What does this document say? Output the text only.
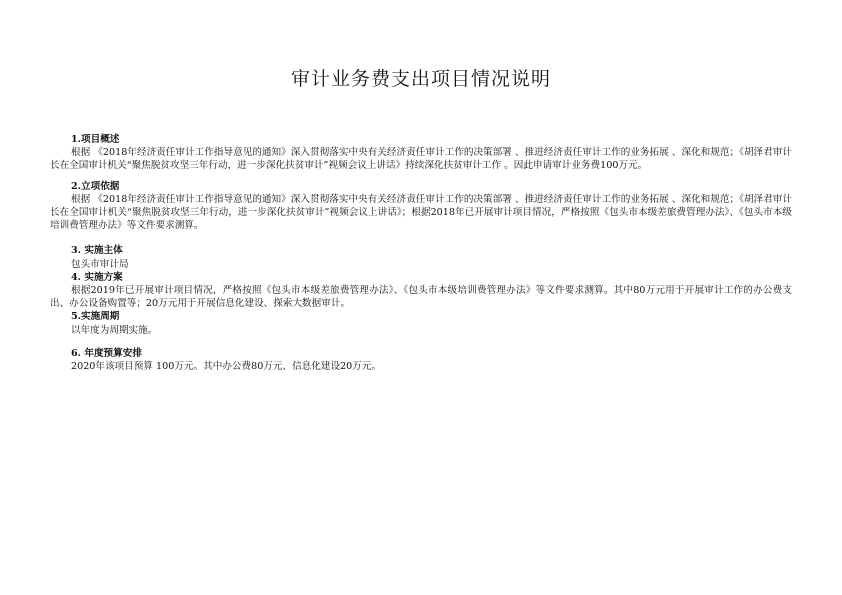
审计业务费支出项目情况说明
1.项目概述
根据 《2018年经济责任审计工作指导意见的通知》深入贯彻落实中央有关经济责任审计工作的决策部署 、推进经济责任审计工作的业务拓展 、深化和规范；《胡泽君审计长在全国审计机关“聚焦脱贫攻坚三年行动，进一步深化扶贫审计”视频会议上讲话》持续深化扶贫审计工作 。因此申请审计业务费100万元。
2.立项依据
根据 《2018年经济责任审计工作指导意见的通知》深入贯彻落实中央有关经济责任审计工作的决策部署 、推进经济责任审计工作的业务拓展 、深化和规范；《胡泽君审计长在全国审计机关“聚焦脱贫攻坚三年行动，进一步深化扶贫审计”视频会议上讲话》；根据2018年已开展审计项目情况，严格按照《包头市本级差旅费管理办法》、《包头市本级培训费管理办法》等文件要求测算。
3. 实施主体
包头市审计局
4. 实施方案
根据2019年已开展审计项目情况，严格按照《包头市本级差旅费管理办法》、《包头市本级培训费管理办法》等文件要求测算。其中80万元用于开展审计工作的办公费支出、办公设备购置等；20万元用于开展信息化建设、探索大数据审计。
5.实施周期
以年度为周期实施。
6. 年度预算安排
2020年该项目预算 100万元。其中办公费80万元、信息化建设20万元。
